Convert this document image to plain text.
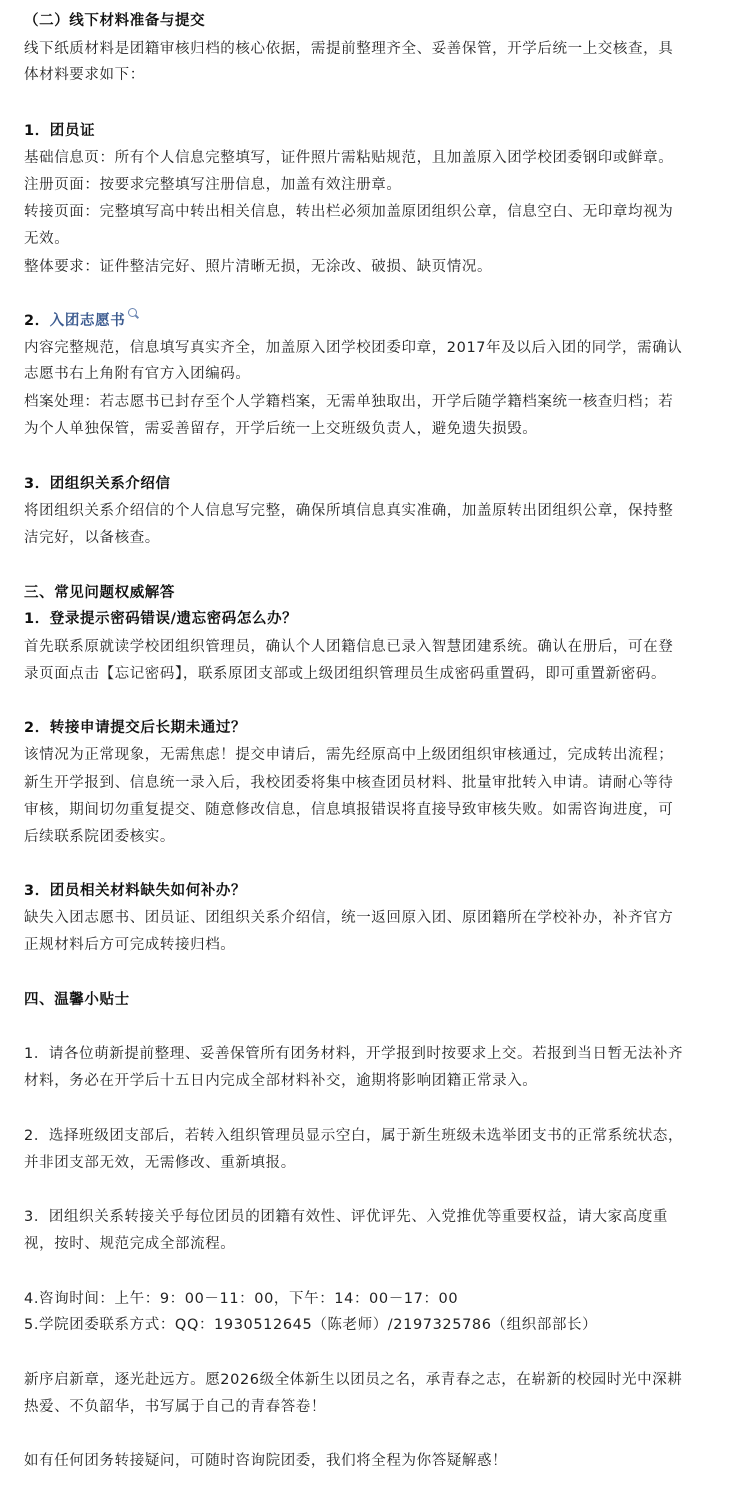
（二）线下材料准备与提交
线下纸质材料是团籍审核归档的核心依据，需提前整理齐全、妥善保管，开学后统一上交核查，具
体材料要求如下：
1．团员证
基础信息页：所有个人信息完整填写，证件照片需粘贴规范，且加盖原入团学校团委钢印或鲜章。
注册页面：按要求完整填写注册信息，加盖有效注册章。
转接页面：完整填写高中转出相关信息，转出栏必须加盖原团组织公章，信息空白、无印章均视为
无效。
整体要求：证件整洁完好、照片清晰无损，无涂改、破损、缺页情况。
2．入团志愿书
内容完整规范，信息填写真实齐全，加盖原入团学校团委印章，2017年及以后入团的同学，需确认
志愿书右上角附有官方入团编码。
档案处理：若志愿书已封存至个人学籍档案，无需单独取出，开学后随学籍档案统一核查归档；若
为个人单独保管，需妥善留存，开学后统一上交班级负责人，避免遗失损毁。
3．团组织关系介绍信
将团组织关系介绍信的个人信息写完整，确保所填信息真实准确，加盖原转出团组织公章，保持整
洁完好，以备核查。
三、常见问题权威解答
1．登录提示密码错误/遗忘密码怎么办？
首先联系原就读学校团组织管理员，确认个人团籍信息已录入智慧团建系统。确认在册后，可在登
录页面点击【忘记密码】，联系原团支部或上级团组织管理员生成密码重置码，即可重置新密码。
2．转接申请提交后长期未通过？
该情况为正常现象，无需焦虑！提交申请后，需先经原高中上级团组织审核通过，完成转出流程；
新生开学报到、信息统一录入后，我校团委将集中核查团员材料、批量审批转入申请。请耐心等待
审核，期间切勿重复提交、随意修改信息，信息填报错误将直接导致审核失败。如需咨询进度，可
后续联系院团委核实。
3．团员相关材料缺失如何补办？
缺失入团志愿书、团员证、团组织关系介绍信，统一返回原入团、原团籍所在学校补办，补齐官方
正规材料后方可完成转接归档。
四、温馨小贴士
1．请各位萌新提前整理、妥善保管所有团务材料，开学报到时按要求上交。若报到当日暂无法补齐
材料，务必在开学后十五日内完成全部材料补交，逾期将影响团籍正常录入。
2．选择班级团支部后，若转入组织管理员显示空白，属于新生班级未选举团支书的正常系统状态，
并非团支部无效，无需修改、重新填报。
3．团组织关系转接关乎每位团员的团籍有效性、评优评先、入党推优等重要权益，请大家高度重
视，按时、规范完成全部流程。
4.咨询时间：上午：9：00－11：00，下午：14：00－17：00
5.学院团委联系方式：QQ：1930512645（陈老师）/2197325786（组织部部长）
新序启新章，逐光赴远方。愿2026级全体新生以团员之名，承青春之志，在崭新的校园时光中深耕
热爱、不负韶华，书写属于自己的青春答卷！
如有任何团务转接疑问，可随时咨询院团委，我们将全程为你答疑解惑！
